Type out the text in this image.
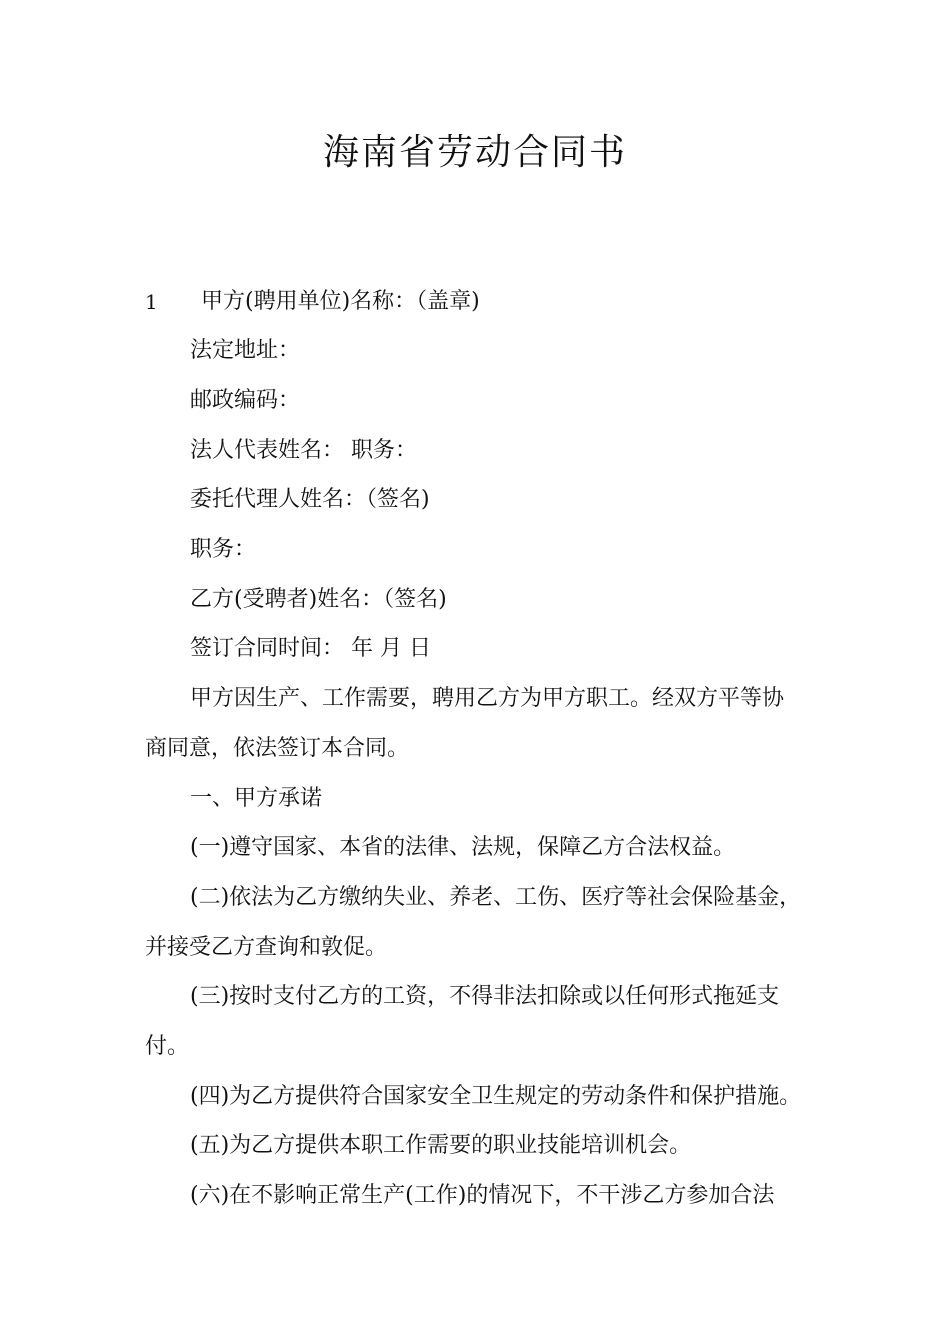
海南省劳动合同书
1 甲方(聘用单位)名称：（盖章)
法定地址：
邮政编码：
法人代表姓名： 职务：
委托代理人姓名：（签名)
职务：
乙方(受聘者)姓名：（签名)
签订合同时间： 年 月 日
甲方因生产、工作需要，聘用乙方为甲方职工。经双方平等协
商同意，依法签订本合同。
一、甲方承诺
(一)遵守国家、本省的法律、法规，保障乙方合法权益。
(二)依法为乙方缴纳失业、养老、工伤、医疗等社会保险基金，
并接受乙方查询和敦促。
(三)按时支付乙方的工资，不得非法扣除或以任何形式拖延支
付。
(四)为乙方提供符合国家安全卫生规定的劳动条件和保护措施。
(五)为乙方提供本职工作需要的职业技能培训机会。
(六)在不影响正常生产(工作)的情况下，不干涉乙方参加合法
